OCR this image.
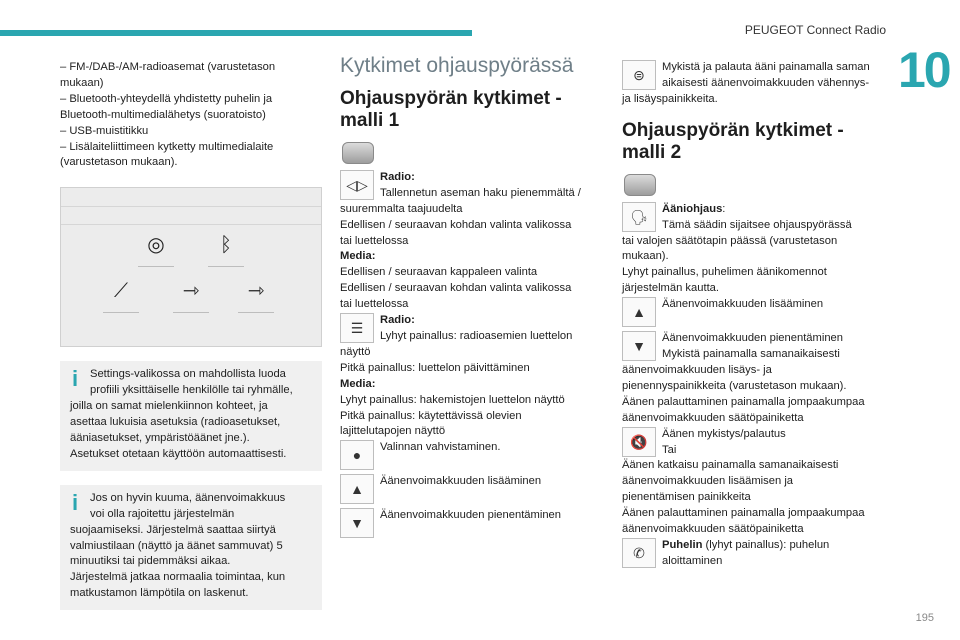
PEUGEOT Connect Radio
10
195
– FM-/DAB-/AM-radioasemat (varustetason
mukaan)
– Bluetooth-yhteydellä yhdistetty puhelin ja
Bluetooth-multimedialähetys (suoratoisto)
– USB-muistitikku
– Lisälaiteliittimeen kytketty multimedialaite
(varustetason mukaan).
◎	ᛒ
⟋	⇾	⇾
i	Settings-valikossa on mahdollista luoda
profiili yksittäiselle henkilölle tai ryhmälle,
joilla on samat mielenkiinnon kohteet, ja
asettaa lukuisia asetuksia (radioasetukset,
ääniasetukset, ympäristöäänet jne.).
Asetukset otetaan käyttöön automaattisesti.
i	Jos on hyvin kuuma, äänenvoimakkuus
voi olla rajoitettu järjestelmän
suojaamiseksi. Järjestelmä saattaa siirtyä
valmiustilaan (näyttö ja äänet sammuvat) 5
minuutiksi tai pidemmäksi aikaa.
Järjestelmä jatkaa normaalia toimintaa, kun
matkustamon lämpötila on laskenut.
Kytkimet ohjauspyörässä
Ohjauspyörän kytkimet - malli 1
◁▷	Radio:
Tallennetun aseman haku pienemmältä /
suuremmalta taajuudelta
Edellisen / seuraavan kohdan valinta valikossa
tai luettelossa
Media:
Edellisen / seuraavan kappaleen valinta
Edellisen / seuraavan kohdan valinta valikossa
tai luettelossa
☰	Radio:
Lyhyt painallus: radioasemien luettelon
näyttö
Pitkä painallus: luettelon päivittäminen
Media:
Lyhyt painallus: hakemistojen luettelon näyttö
Pitkä painallus: käytettävissä olevien
lajittelutapojen näyttö
●	Valinnan vahvistaminen.
▲	Äänenvoimakkuuden lisääminen
▼	Äänenvoimakkuuden pienentäminen
⊜	Mykistä ja palauta ääni painamalla saman
aikaisesti äänenvoimakkuuden vähennys-
ja lisäyspainikkeita.
Ohjauspyörän kytkimet - malli 2
🗣	Ääniohjaus:
Tämä säädin sijaitsee ohjauspyörässä
tai valojen säätötapin päässä (varustetason
mukaan).
Lyhyt painallus, puhelimen äänikomennot
järjestelmän kautta.
▲	Äänenvoimakkuuden lisääminen
▼	Äänenvoimakkuuden pienentäminen
Mykistä painamalla samanaikaisesti
äänenvoimakkuuden lisäys- ja
pienennyspainikkeita (varustetason mukaan).
Äänen palauttaminen painamalla jompaakumpaa
äänenvoimakkuuden säätöpainiketta
🔇	Äänen mykistys/palautus
Tai
Äänen katkaisu painamalla samanaikaisesti
äänenvoimakkuuden lisäämisen ja
pienentämisen painikkeita
Äänen palauttaminen painamalla jompaakumpaa
äänenvoimakkuuden säätöpainiketta
✆	Puhelin (lyhyt painallus): puhelun
aloittaminen
